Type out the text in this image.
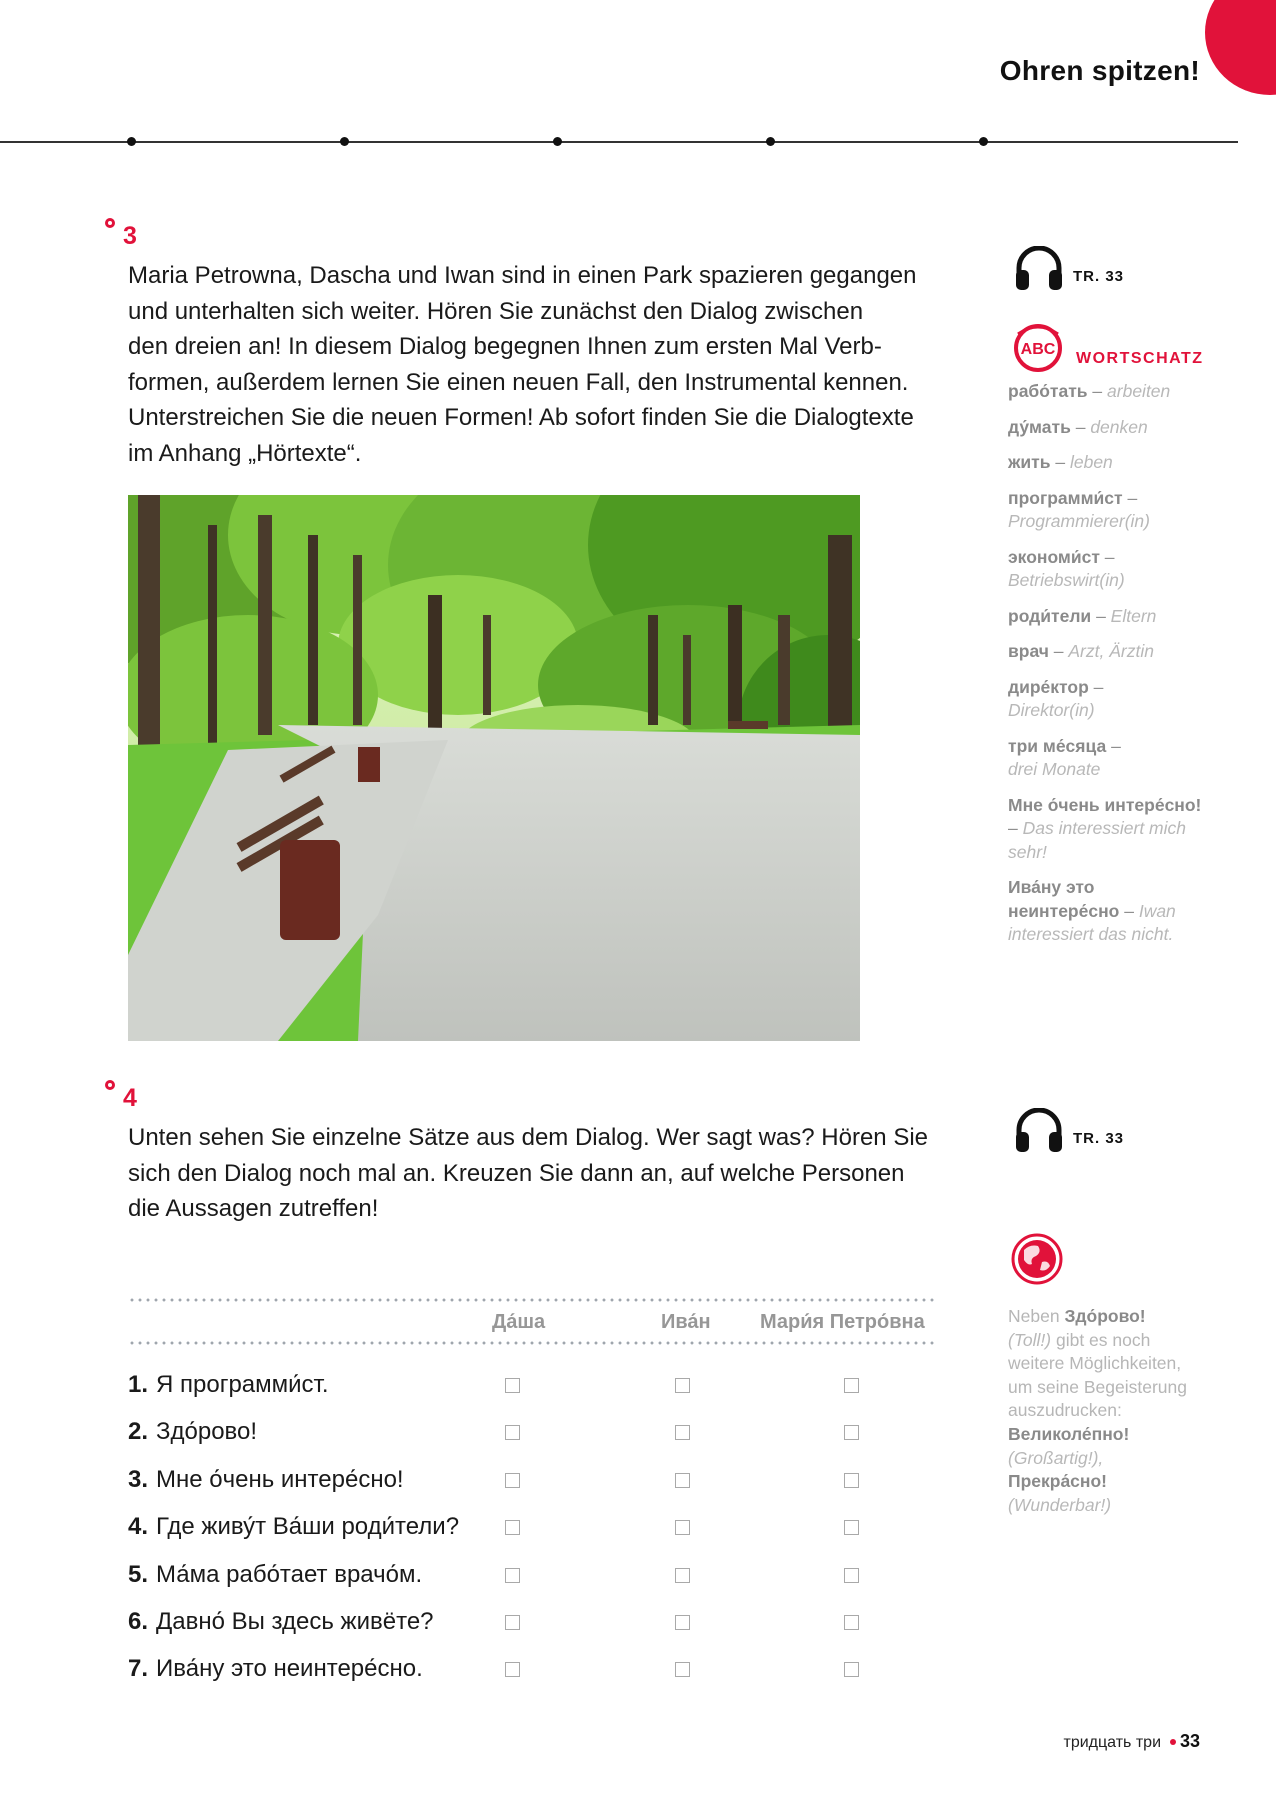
Ohren spitzen!
3
Maria Petrowna, Dascha und Iwan sind in einen Park spazieren gegangen
und unterhalten sich weiter. Hören Sie zunächst den Dialog zwischen
den dreien an! In diesem Dialog begegnen Ihnen zum ersten Mal Verb-
formen, außerdem lernen Sie einen neuen Fall, den Instrumental kennen.
Unterstreichen Sie die neuen Formen! Ab sofort finden Sie die Dialogtexte
im Anhang „Hörtexte“.
4
Unten sehen Sie einzelne Sätze aus dem Dialog. Wer sagt was? Hören Sie
sich den Dialog noch mal an. Kreuzen Sie dann an, auf welche Personen
die Aussagen zutreffen!
Да́ша	Ива́н Мари́я Петро́вна
1. Я программи́ст.
2. Здо́рово!
3. Мне о́чень интере́сно!
4. Где живу́т Ва́ши роди́тели?
5. Ма́ма рабо́тает врачо́м.
6. Давно́ Вы здесь живёте?
7. Ива́ну это неинтере́сно.
TR. 33
ABC
WORTSCHATZ
рабо́тать – arbeiten
ду́мать – denken
жить – leben
программи́ст –
Programmierer(in)
экономи́ст –
Betriebswirt(in)
роди́тели – Eltern
врач – Arzt, Ärztin
дире́ктор –
Direktor(in)
три ме́сяца –
drei Monate
Мне о́чень интере́сно! – Das interessiert mich sehr!
Ива́ну это неинтере́сно – Iwan interessiert das nicht.
TR. 33
Neben Здо́рово!
(Toll!) gibt es noch weitere Möglichkeiten, um seine Begeisterung auszudrucken:
Великоле́пно!
(Großartig!),
Прекра́сно!
(Wunderbar!)
тридцать три 33
